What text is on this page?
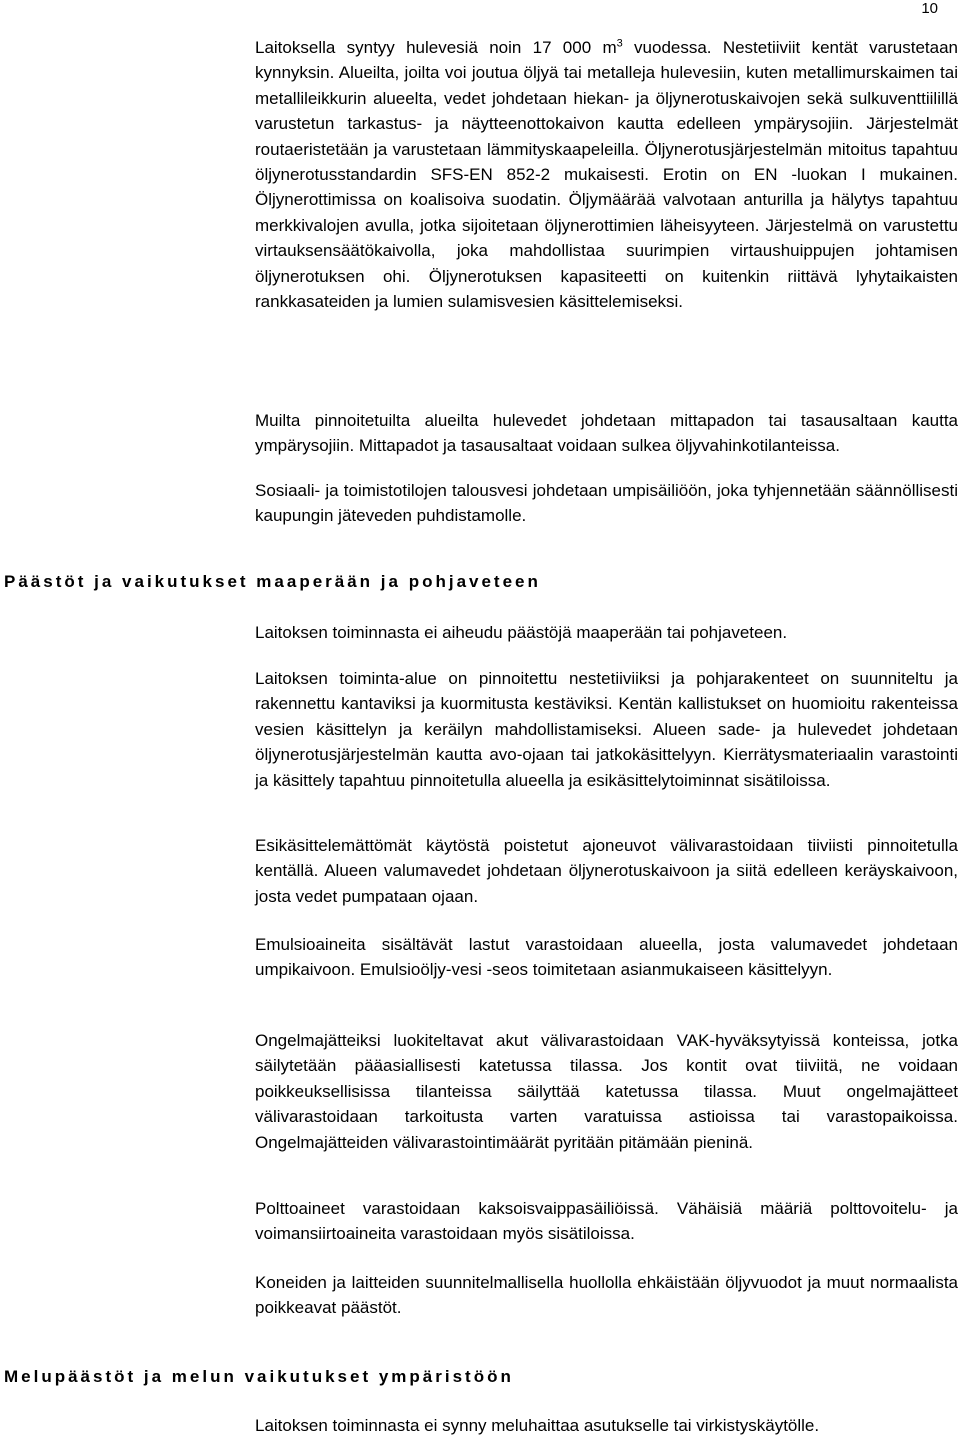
10

Laitoksella syntyy hulevesiä noin 17 000 $m^3$ vuodessa. Nestetiiviit kentät varustetaan kynnyksin. Alueilta, joilta voi joutua öljyä tai metalleja hulevesiin, kuten metallimurskaimen tai metallileikkurin alueelta, vedet johdetaan hiekan- ja öljynerotuskaivojen sekä sulkuventtiilillä varustetun tarkastus- ja näytteenottokaivon kautta edelleen ympärysojiin. Järjestelmät routaeristetään ja varustetaan lämmityskaapeleilla. Öljynerotusjärjestelmän mitoitus tapahtuu öljynerotusstandardin SFS-EN 852-2 mukaisesti. Erotin on EN -luokan I mukainen. Öljynerottimissa on koalisoiva suodatin. Öljymäärää valvotaan anturilla ja hälytys tapahtuu merkkivalojen avulla, jotka sijoitetaan öljynerottimien läheisyyteen. Järjestelmä on varustettu virtauksensäätökaivolla, joka mahdollistaa suurimpien virtaushuippujen johtamisen öljynerotuksen ohi. Öljynerotuksen kapasiteetti on kuitenkin riittävä lyhytaikaisten rankkasateiden ja lumien sulamisvesien käsittelemiseksi.

Muilta pinnoitetuilta alueilta hulevedet johdetaan mittapadon tai tasausaltaan kautta ympärysojiin. Mittapadot ja tasausaltaat voidaan sulkea öljyvahinkotilanteissa.

Sosiaali- ja toimistotilojen talousvesi johdetaan umpisäiliöön, joka tyhjennetään säännöllisesti kaupungin jäteveden puhdistamolle.

Päästöt ja vaikutukset maaperään ja pohjaveteen

Laitoksen toiminnasta ei aiheudu päästöjä maaperään tai pohjaveteen.

Laitoksen toiminta-alue on pinnoitettu nestetiiviiksi ja pohjarakenteet on suunniteltu ja rakennettu kantaviksi ja kuormitusta kestäviksi. Kentän kallistukset on huomioitu rakenteissa vesien käsittelyn ja keräilyn mahdollistamiseksi. Alueen sade- ja hulevedet johdetaan öljynerotusjärjestelmän kautta avo-ojaan tai jatkokäsittelyyn. Kierrätysmateriaalin varastointi ja käsittely tapahtuu pinnoitetulla alueella ja esikäsittelytoiminnat sisätiloissa.

Esikäsittelemättömät käytöstä poistetut ajoneuvot välivarastoidaan tiiviisti pinnoitetulla kentällä. Alueen valumavedet johdetaan öljynerotuskaivoon ja siitä edelleen keräyskaivoon, josta vedet pumpataan ojaan.

Emulsioaineita sisältävät lastut varastoidaan alueella, josta valumavedet johdetaan umpikaivoon. Emulsioöljy-vesi -seos toimitetaan asianmukaiseen käsittelyyn.

Ongelmajätteiksi luokiteltavat akut välivarastoidaan VAK-hyväksytyissä konteissa, jotka säilytetään pääasiallisesti katetussa tilassa. Jos kontit ovat tiiviitä, ne voidaan poikkeuksellisissa tilanteissa säilyttää katetussa tilassa. Muut ongelmajätteet välivarastoidaan tarkoitusta varten varatuissa astioissa tai varastopaikoissa. Ongelmajätteiden välivarastointimäärät pyritään pitämään pieninä.

Polttoaineet varastoidaan kaksoisvaippasäiliöissä. Vähäisiä määriä polttovoitelu- ja voimansiirtoaineita varastoidaan myös sisätiloissa.

Koneiden ja laitteiden suunnitelmallisella huollolla ehkäistään öljyvuodot ja muut normaalista poikkeavat päästöt.

Melupäästöt ja melun vaikutukset ympäristöön

Laitoksen toiminnasta ei synny meluhaittaa asutukselle tai virkistyskäytölle.
